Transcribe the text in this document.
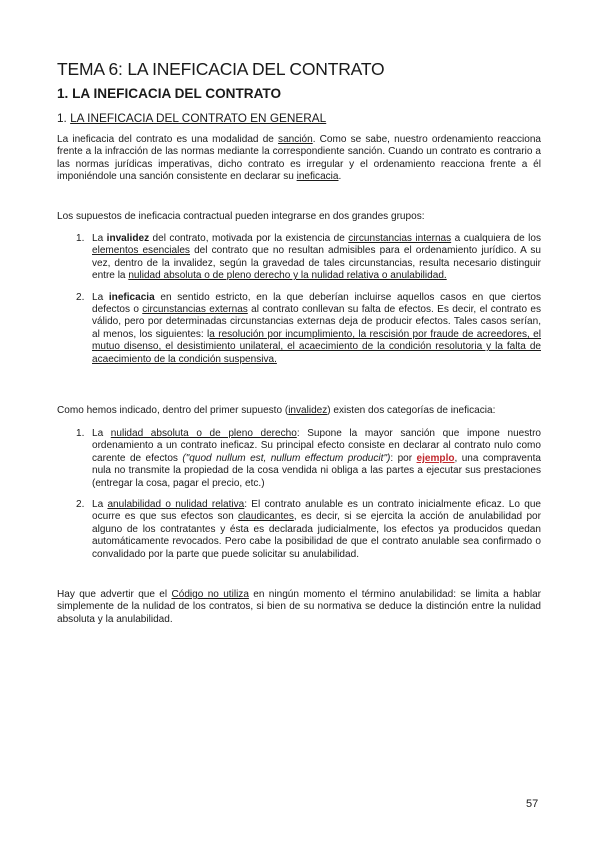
TEMA 6: LA INEFICACIA DEL CONTRATO
1. LA INEFICACIA DEL CONTRATO
1. LA INEFICACIA DEL CONTRATO EN GENERAL

La ineficacia del contrato es una modalidad de sanción. Como se sabe, nuestro ordenamiento reacciona frente a la infracción de las normas mediante la correspondiente sanción. Cuando un contrato es contrario a las normas jurídicas imperativas, dicho contrato es irregular y el ordenamiento reacciona frente a él imponiéndole una sanción consistente en declarar su ineficacia.

Los supuestos de ineficacia contractual pueden integrarse en dos grandes grupos:

1. La invalidez del contrato, motivada por la existencia de circunstancias internas a cualquiera de los elementos esenciales del contrato que no resultan admisibles para el ordenamiento jurídico. A su vez, dentro de la invalidez, según la gravedad de tales circunstancias, resulta necesario distinguir entre la nulidad absoluta o de pleno derecho y la nulidad relativa o anulabilidad.
2. La ineficacia en sentido estricto, en la que deberían incluirse aquellos casos en que ciertos defectos o circunstancias externas al contrato conllevan su falta de efectos. Es decir, el contrato es válido, pero por determinadas circunstancias externas deja de producir efectos. Tales casos serían, al menos, los siguientes: la resolución por incumplimiento, la rescisión por fraude de acreedores, el mutuo disenso, el desistimiento unilateral, el acaecimiento de la condición resolutoria y la falta de acaecimiento de la condición suspensiva.

Como hemos indicado, dentro del primer supuesto (invalidez) existen dos categorías de ineficacia:

1. La nulidad absoluta o de pleno derecho: Supone la mayor sanción que impone nuestro ordenamiento a un contrato ineficaz. Su principal efecto consiste en declarar al contrato nulo como carente de efectos ("quod nullum est, nullum effectum producit"): por ejemplo, una compraventa nula no transmite la propiedad de la cosa vendida ni obliga a las partes a ejecutar sus prestaciones (entregar la cosa, pagar el precio, etc.)
2. La anulabilidad o nulidad relativa: El contrato anulable es un contrato inicialmente eficaz. Lo que ocurre es que sus efectos son claudicantes, es decir, si se ejercita la acción de anulabilidad por alguno de los contratantes y ésta es declarada judicialmente, los efectos ya producidos quedan automáticamente revocados. Pero cabe la posibilidad de que el contrato anulable sea confirmado o convalidado por la parte que puede solicitar su anulabilidad.

Hay que advertir que el Código no utiliza en ningún momento el término anulabilidad: se limita a hablar simplemente de la nulidad de los contratos, si bien de su normativa se deduce la distinción entre la nulidad absoluta y la anulabilidad.

57
